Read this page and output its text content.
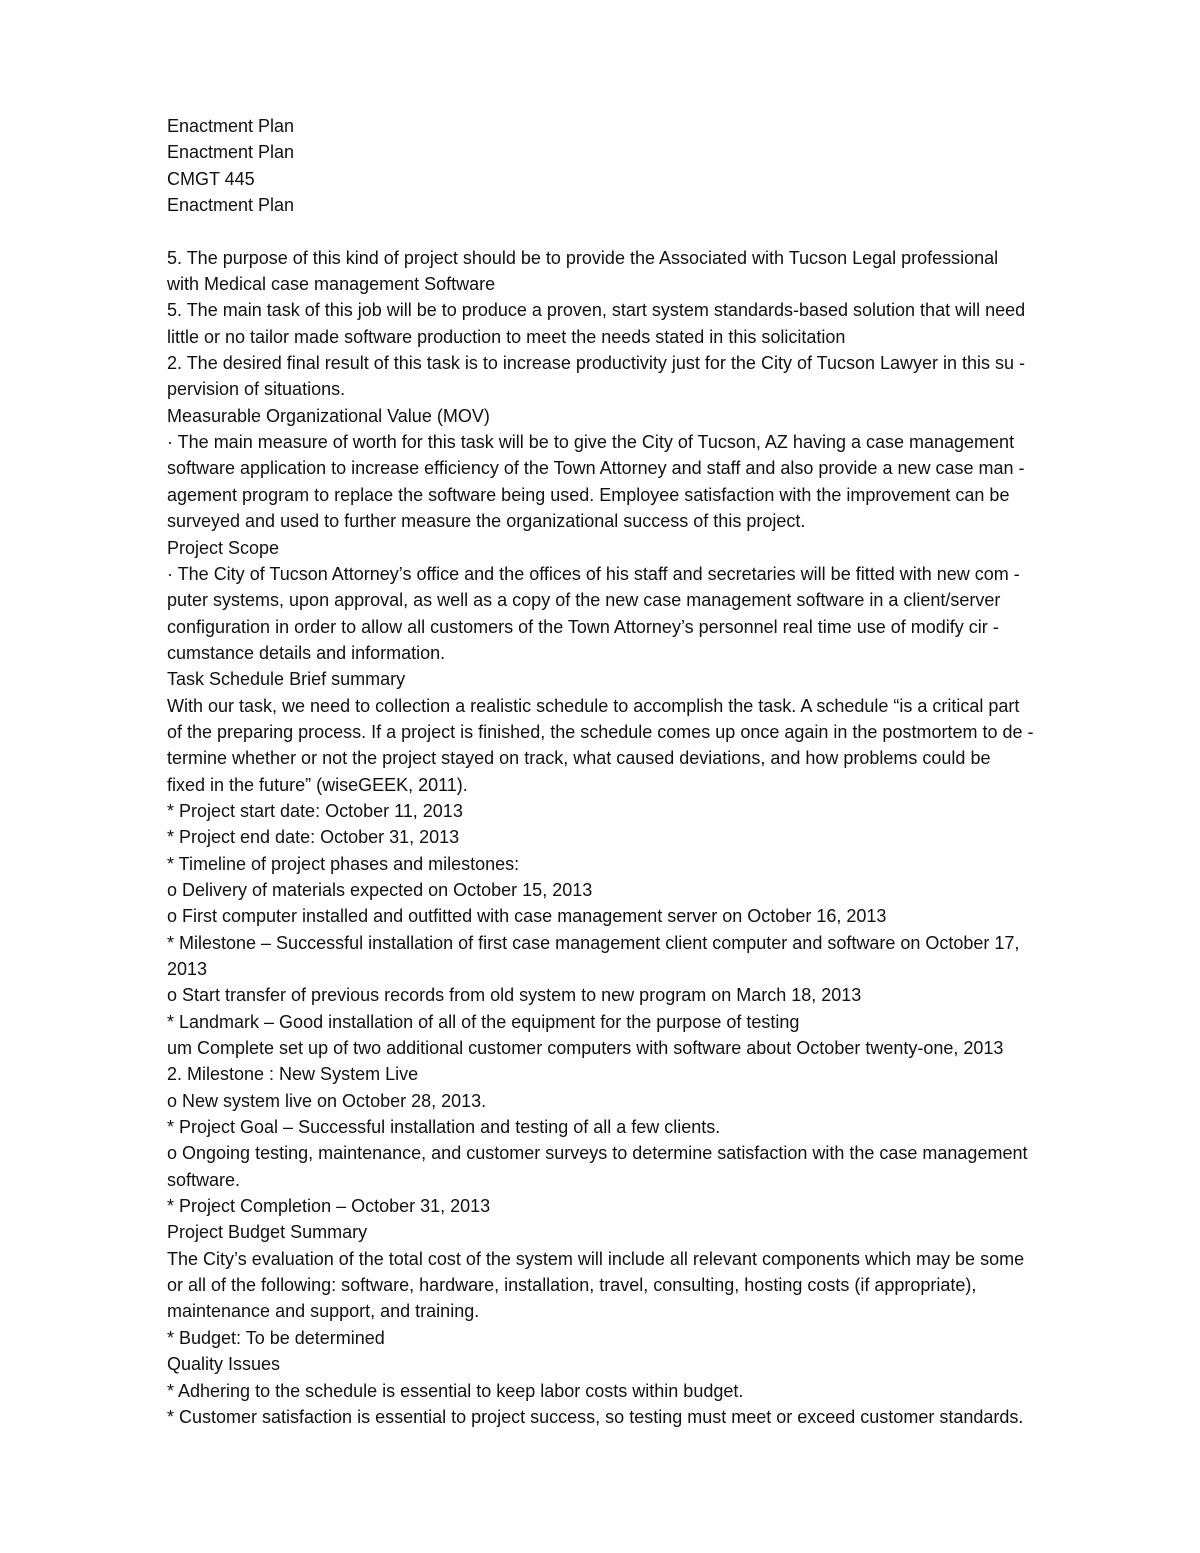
Enactment Plan
Enactment Plan
CMGT 445
Enactment Plan
5. The purpose of this kind of project should be to provide the Associated with Tucson Legal professional
with Medical case management Software
5. The main task of this job will be to produce a proven, start system standards-based solution that will need
little or no tailor made software production to meet the needs stated in this solicitation
2. The desired final result of this task is to increase productivity just for the City of Tucson Lawyer in this su -
pervision of situations.
Measurable Organizational Value (MOV)
· The main measure of worth for this task will be to give the City of Tucson, AZ having a case management
software application to increase efficiency of the Town Attorney and staff and also provide a new case man -
agement program to replace the software being used. Employee satisfaction with the improvement can be
surveyed and used to further measure the organizational success of this project.
Project Scope
· The City of Tucson Attorney’s office and the offices of his staff and secretaries will be fitted with new com -
puter systems, upon approval, as well as a copy of the new case management software in a client/server
configuration in order to allow all customers of the Town Attorney’s personnel real time use of modify cir -
cumstance details and information.
Task Schedule Brief summary
With our task, we need to collection a realistic schedule to accomplish the task. A schedule “is a critical part
of the preparing process. If a project is finished, the schedule comes up once again in the postmortem to de -
termine whether or not the project stayed on track, what caused deviations, and how problems could be
fixed in the future” (wiseGEEK, 2011).
* Project start date: October 11, 2013
* Project end date: October 31, 2013
* Timeline of project phases and milestones:
o Delivery of materials expected on October 15, 2013
o First computer installed and outfitted with case management server on October 16, 2013
* Milestone – Successful installation of first case management client computer and software on October 17,
2013
o Start transfer of previous records from old system to new program on March 18, 2013
* Landmark – Good installation of all of the equipment for the purpose of testing
um Complete set up of two additional customer computers with software about October twenty-one, 2013
2. Milestone : New System Live
o New system live on October 28, 2013.
* Project Goal – Successful installation and testing of all a few clients.
o Ongoing testing, maintenance, and customer surveys to determine satisfaction with the case management
software.
* Project Completion – October 31, 2013
Project Budget Summary
The City’s evaluation of the total cost of the system will include all relevant components which may be some
or all of the following: software, hardware, installation, travel, consulting, hosting costs (if appropriate),
maintenance and support, and training.
* Budget: To be determined
Quality Issues
* Adhering to the schedule is essential to keep labor costs within budget.
* Customer satisfaction is essential to project success, so testing must meet or exceed customer standards.
